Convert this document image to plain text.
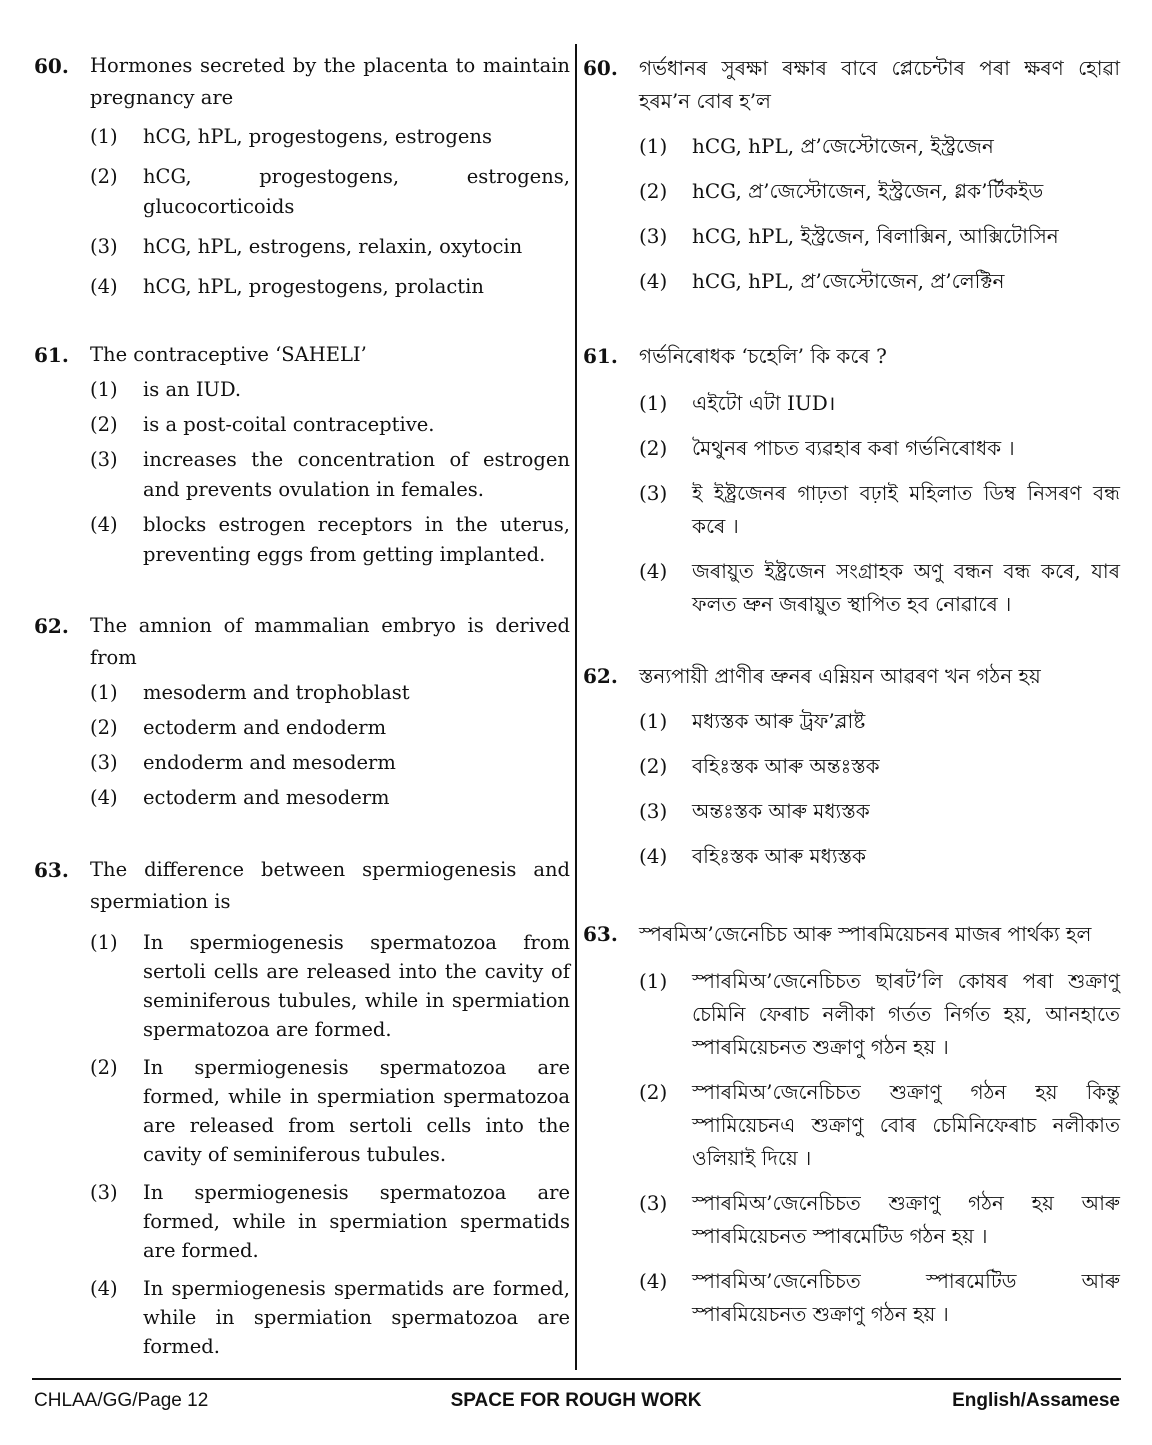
60. Hormones secreted by the placenta to maintain pregnancy are
(1)	hCG, hPL, progestogens, estrogens
(2)	hCG, progestogens, estrogens, glucocorticoids
(3)	hCG, hPL, estrogens, relaxin, oxytocin
(4)	hCG, hPL, progestogens, prolactin
61. The contraceptive ‘SAHELI’
(1)	is an IUD.
(2)	is a post-coital contraceptive.
(3)	increases the concentration of estrogen and prevents ovulation in females.
(4)	blocks estrogen receptors in the uterus, preventing eggs from getting implanted.
62. The amnion of mammalian embryo is derived from
(1)	mesoderm and trophoblast
(2)	ectoderm and endoderm
(3)	endoderm and mesoderm
(4)	ectoderm and mesoderm
63. The difference between spermiogenesis and spermiation is
(1)	In spermiogenesis spermatozoa from sertoli cells are released into the cavity of seminiferous tubules, while in spermiation spermatozoa are formed.
(2)	In spermiogenesis spermatozoa are formed, while in spermiation spermatozoa are released from sertoli cells into the cavity of seminiferous tubules.
(3)	In spermiogenesis spermatozoa are formed, while in spermiation spermatids are formed.
(4)	In spermiogenesis spermatids are formed, while in spermiation spermatozoa are formed.
60. গৰ্ভধানৰ সুৰক্ষা ৰক্ষাৰ বাবে প্লেচেন্টাৰ পৰা ক্ষৰণ হোৱা হৰম’ন বোৰ হ’ল
(1)	hCG, hPL, প্ৰ’জেস্টোজেন, ইস্ট্ৰজেন
(2)	hCG, প্ৰ’জেস্টোজেন, ইস্ট্ৰজেন, গ্লক’ৰ্টিকইড
(3)	hCG, hPL, ইস্ট্ৰজেন, ৰিলাক্সিন, আক্সিটোসিন
(4)	hCG, hPL, প্ৰ’জেস্টোজেন, প্ৰ’লেক্টিন
61. গৰ্ভনিৰোধক ‘চহেলি’ কি কৰে ?
(1)	এইটো এটা IUD।
(2)	মৈথুনৰ পাচত ব্যৱহাৰ কৰা গৰ্ভনিৰোধক ।
(3)	ই ইষ্ট্ৰজেনৰ গাঢ়তা বঢ়াই মহিলাত ডিম্ব নিসৰণ বন্ধ কৰে ।
(4)	জৰায়ুত ইষ্ট্ৰজেন সংগ্ৰাহক অণু বন্ধন বন্ধ কৰে, যাৰ ফলত ভ্ৰুন জৰায়ুত স্থাপিত হব নোৱাৰে ।
62. স্তন্যপায়ী প্ৰাণীৰ ভ্ৰুনৰ এম্নিয়ন আৱৰণ খন গঠন হয়
(1)	মধ্যস্তক আৰু ট্ৰফ’ব্লাষ্ট
(2)	বহিঃস্তক আৰু অন্তঃস্তক
(3)	অন্তঃস্তক আৰু মধ্যস্তক
(4)	বহিঃস্তক আৰু মধ্যস্তক
63. স্পৰমিঅ’জেনেচিচ আৰু স্পাৰমিয়েচনৰ মাজৰ পাৰ্থক্য হল
(1)	স্পাৰমিঅ’জেনেচিচত ছাৰট’লি কোষৰ পৰা শুক্ৰাণু চেমিনি ফেৰাচ নলীকা গৰ্তত নিৰ্গত হয়, আনহাতে স্পাৰমিয়েচনত শুক্ৰাণু গঠন হয় ।
(2)	স্পাৰমিঅ’জেনেচিচত শুক্ৰাণু গঠন হয় কিন্তু স্পামিয়েচনএ শুক্ৰাণু বোৰ চেমিনিফেৰাচ নলীকাত ওলিয়াই দিয়ে ।
(3)	স্পাৰমিঅ’জেনেচিচত শুক্ৰাণু গঠন হয় আৰু স্পাৰমিয়েচনত স্পাৰমেটিড গঠন হয় ।
(4)	স্পাৰমিঅ’জেনেচিচত স্পাৰমেটিড আৰু স্পাৰমিয়েচনত শুক্ৰাণু গঠন হয় ।
SPACE FOR ROUGH WORK
CHLAA/GG/Page 12	English/Assamese
